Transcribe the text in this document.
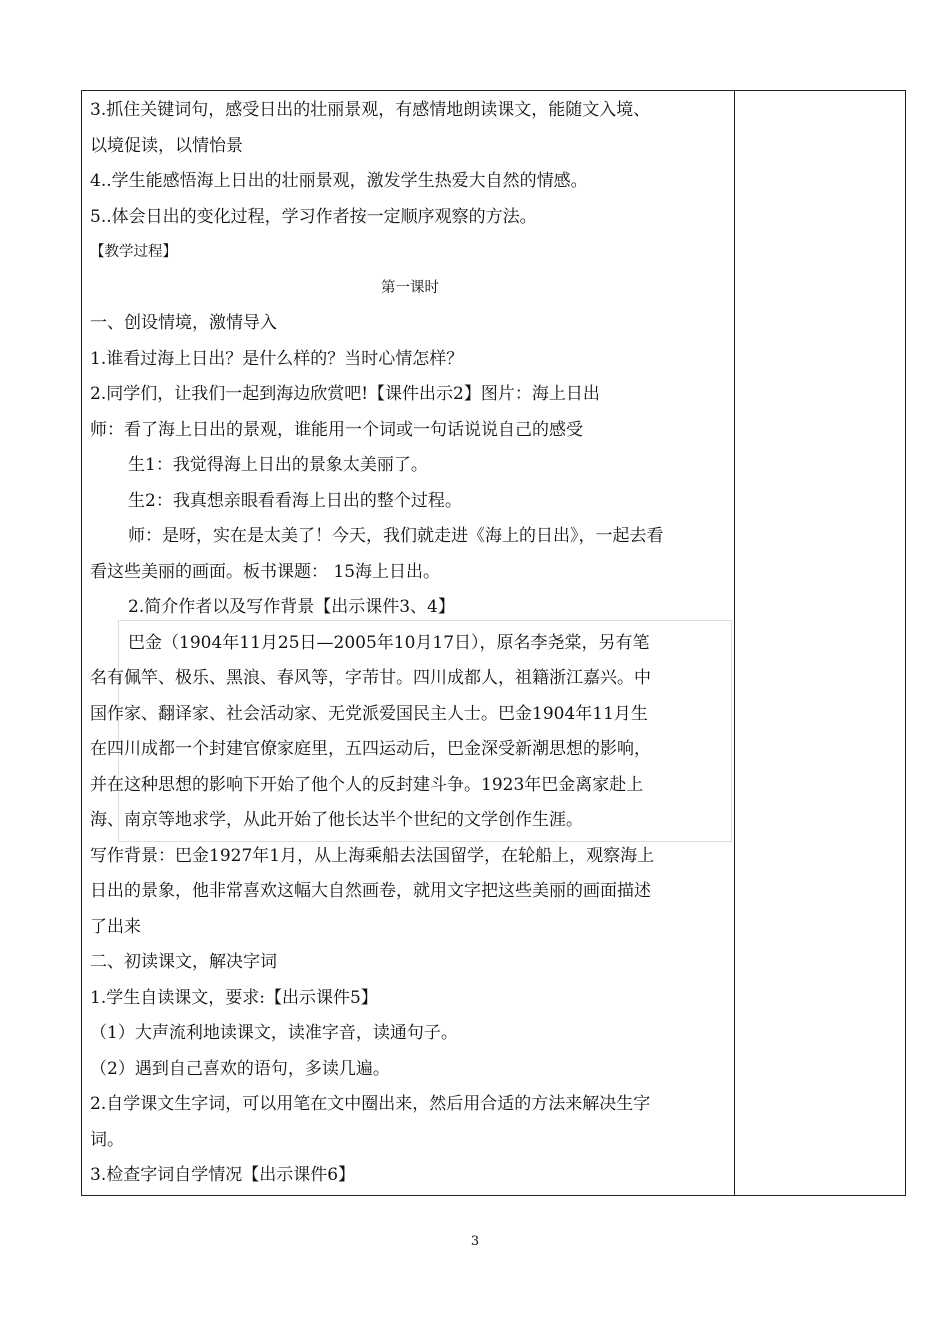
3.抓住关键词句，感受日出的壮丽景观，有感情地朗读课文，能随文入境、
以境促读，以情怡景
4..学生能感悟海上日出的壮丽景观，激发学生热爱大自然的情感。
5..体会日出的变化过程，学习作者按一定顺序观察的方法。
【教学过程】
第一课时
一、创设情境，激情导入
1.谁看过海上日出？是什么样的？当时心情怎样？
2.同学们，让我们一起到海边欣赏吧!【课件出示2】图片：海上日出
师：看了海上日出的景观，谁能用一个词或一句话说说自己的感受
生1：我觉得海上日出的景象太美丽了。
生2：我真想亲眼看看海上日出的整个过程。
师：是呀，实在是太美了！今天，我们就走进《海上的日出》，一起去看
看这些美丽的画面。板书课题： 15海上日出。
2.简介作者以及写作背景【出示课件3、4】
巴金（1904年11月25日—2005年10月17日），原名李尧棠，另有笔
名有佩竿、极乐、黑浪、春风等，字芾甘。四川成都人，祖籍浙江嘉兴。中
国作家、翻译家、社会活动家、无党派爱国民主人士。巴金1904年11月生
在四川成都一个封建官僚家庭里，五四运动后，巴金深受新潮思想的影响，
并在这种思想的影响下开始了他个人的反封建斗争。1923年巴金离家赴上
海、南京等地求学，从此开始了他长达半个世纪的文学创作生涯。
写作背景：巴金1927年1月，从上海乘船去法国留学，在轮船上，观察海上
日出的景象，他非常喜欢这幅大自然画卷，就用文字把这些美丽的画面描述
了出来
二、初读课文，解决字词
1.学生自读课文，要求:【出示课件5】
（1）大声流利地读课文，读准字音，读通句子。
（2）遇到自己喜欢的语句，多读几遍。
2.自学课文生字词，可以用笔在文中圈出来，然后用合适的方法来解决生字
词。
3.检查字词自学情况【出示课件6】
3
